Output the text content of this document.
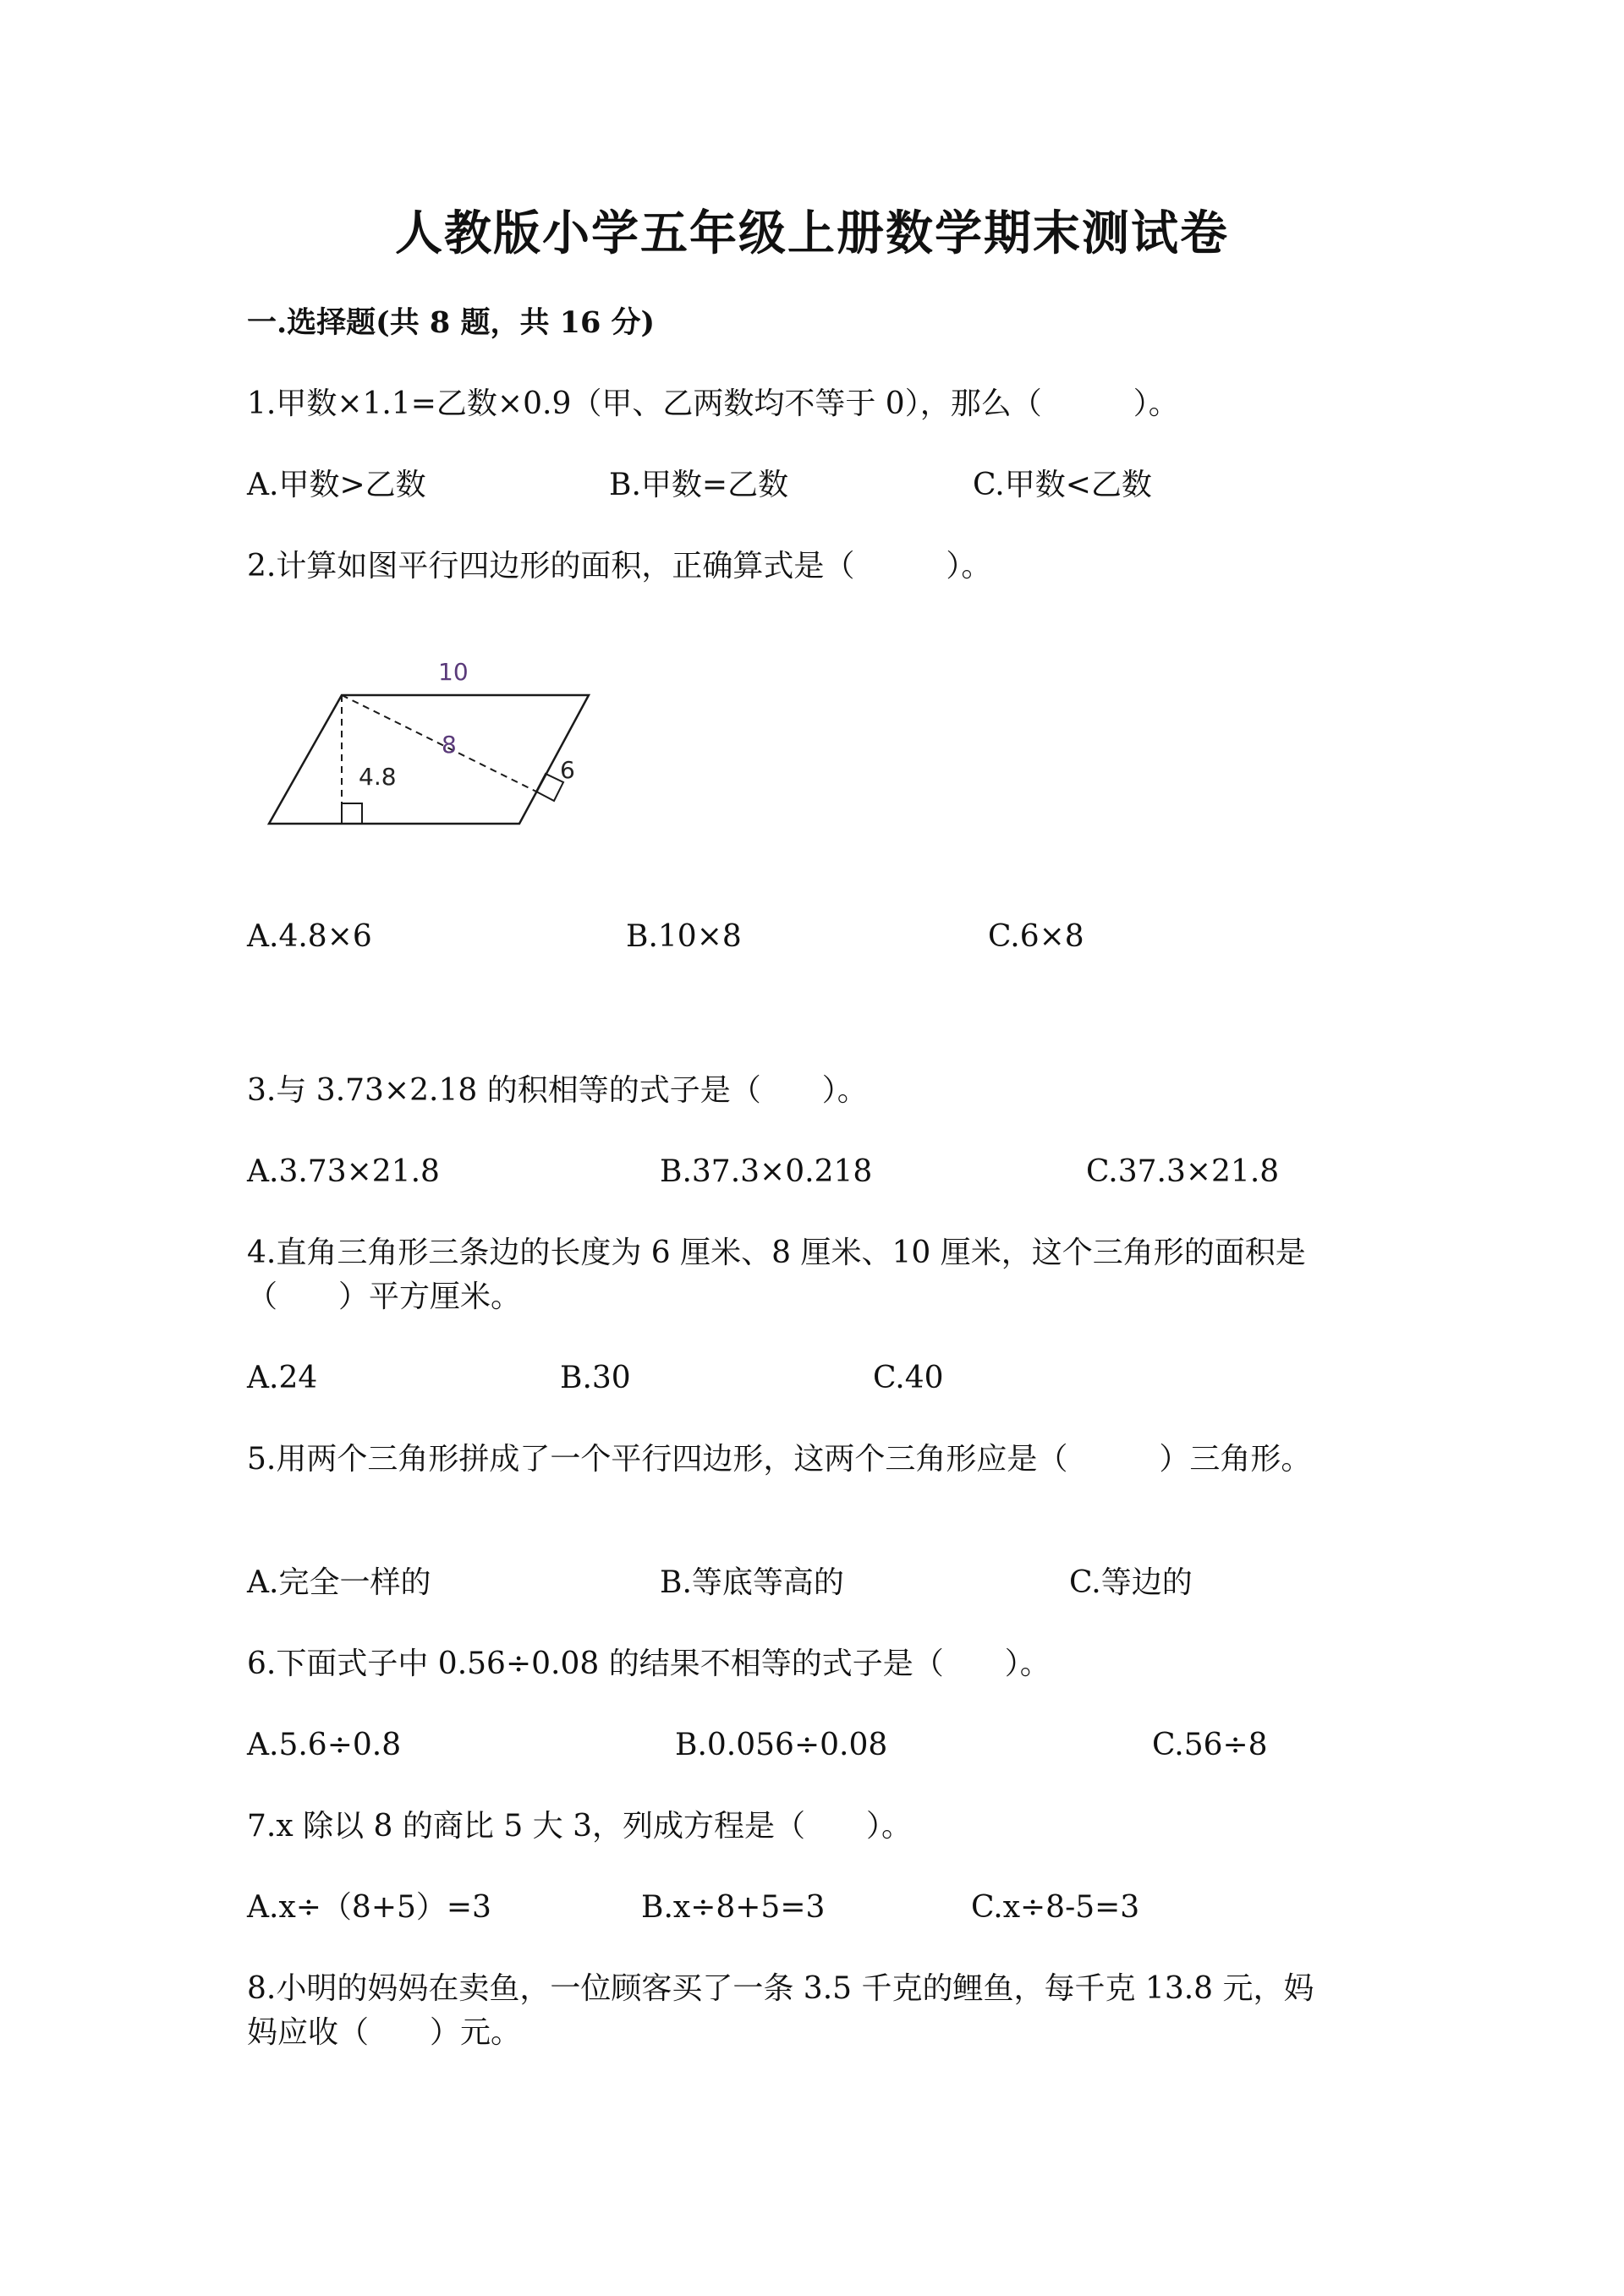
人教版小学五年级上册数学期末测试卷
一.选择题(共 8 题，共 16 分)
1.甲数×1.1=乙数×0.9（甲、乙两数均不等于 0），那么（　　　）。
A.甲数>乙数	B.甲数=乙数	C.甲数<乙数
2.计算如图平行四边形的面积，正确算式是（　　　）。
10
4.8
8
6
A.4.8×6	B.10×8	C.6×8
3.与 3.73×2.18 的积相等的式子是（　　）。
A.3.73×21.8	B.37.3×0.218	C.37.3×21.8
4.直角三角形三条边的长度为 6 厘米、8 厘米、10 厘米，这个三角形的面积是
（　　）平方厘米。
A.24	B.30	C.40
5.用两个三角形拼成了一个平行四边形，这两个三角形应是（　　　）三角形。
A.完全一样的	B.等底等高的	C.等边的
6.下面式子中 0.56÷0.08 的结果不相等的式子是（　　）。
A.5.6÷0.8	B.0.056÷0.08	C.56÷8
7.x 除以 8 的商比 5 大 3，列成方程是（　　）。
A.x÷（8+5）=3	B.x÷8+5=3	C.x÷8-5=3
8.小明的妈妈在卖鱼，一位顾客买了一条 3.5 千克的鲤鱼，每千克 13.8 元，妈
妈应收（　　）元。
